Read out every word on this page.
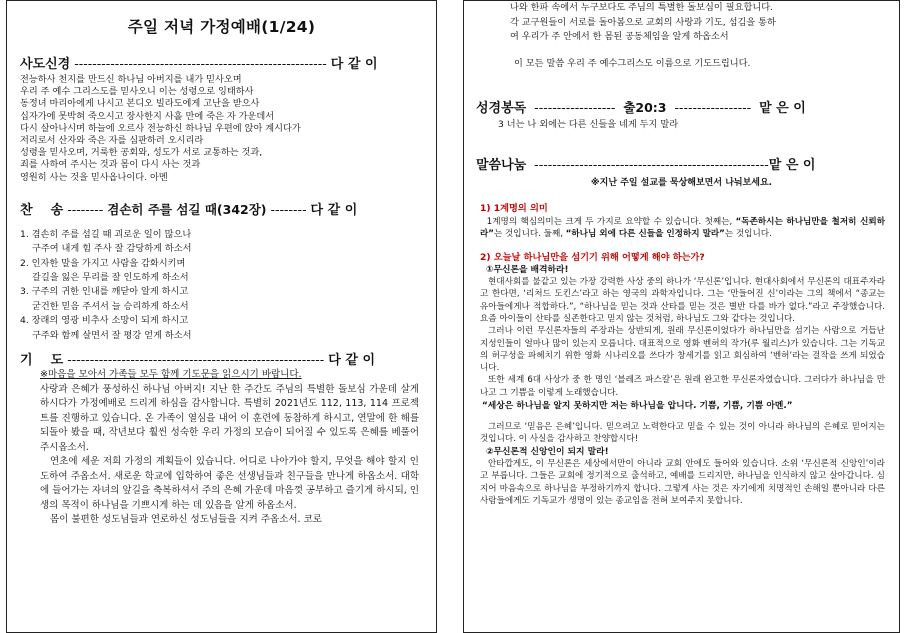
주일 저녁 가정예배(1/24)
사도신경 -------------------------------------------------------- 다 같 이
전능하사 천지를 만드신 하나님 아버지를 내가 믿사오며
우리 주 예수 그리스도를 믿사오니 이는 성령으로 잉태하사
동정녀 마리아에게 나시고 본디오 빌라도에게 고난을 받으사
십자가에 못박혀 죽으시고 장사한지 사흘 만에 죽은 자 가운데서
다시 살아나시며 하늘에 오르사 전능하신 하나님 우편에 앉아 계시다가
저리로서 산자와 죽은 자를 심판하러 오시리라
성령을 믿사오며, 거룩한 공회와, 성도가 서로 교통하는 것과,
죄를 사하여 주시는 것과 몸이 다시 사는 것과
영원히 사는 것을 믿사옵나이다. 아멘
찬    송 -------- 겸손히 주를 섬길 때(342장) -------- 다 같 이
1. 겸손히 주를 섬길 때 괴로운 일이 많으나
구주여 내게 힘 주사 잘 감당하게 하소서
2. 인자한 말을 가지고 사람을 감화시키며
갈길을 잃은 무리를 잘 인도하게 하소서
3. 구주의 귀한 인내를 깨닫아 알게 하시고
굳건한 믿음 주셔서 늘 승리하게 하소서
4. 장래의 영광 비추사 소망이 되게 하시고
구주와 함께 살면서 잘 평강 얻게 하소서
기    도 --------------------------------------------------------- 다 같 이
※마음을 모아서 가족들 모두 함께 기도문을 읽으시기 바랍니다.
사랑과 은혜가 풍성하신 하나님 아버지! 지난 한 주간도 주님의 특별한 돌보심 가운데 살게 하시다가 가정예배로 드리게 하심을 감사합니다. 특별히 2021년도 112, 113, 114 프로젝트를 진행하고 있습니다. 온 가족이 열심을 내어 이 훈련에 동참하게 하시고, 연말에 한 해를 되돌아 봤을 때, 작년보다 훨씬 성숙한 우리 가정의 모습이 되어질 수 있도록 은혜를 베풀어 주시옵소서.
연초에 세운 저희 가정의 계획들이 있습니다. 어디로 나아가야 할지, 무엇을 해야 할지 인도하여 주옵소서. 새로운 학교에 입학하여 좋은 선생님들과 친구들을 만나게 하옵소서. 대학에 들어가는 자녀의 앞길을 축복하셔서 주의 은혜 가운데 마음껏 공부하고 즐기게 하시되, 인생의 목적이 하나님을 기쁘시게 하는 데 있음을 알게 하옵소서.
몸이 불편한 성도님들과 연로하신 성도님들을 지켜 주옵소서. 코로
나와 한파 속에서 누구보다도 주님의 특별한 돌보심이 필요합니다.
각 교구원들이 서로를 돌아봄으로 교회의 사랑과 기도, 섬김을 통하
여 우리가 주 안에서 한 몸된 공동체임을 알게 하옵소서
이 모든 말씀 우리 주 예수그리스도 이름으로 기도드립니다.
성경봉독  ------------------  출20:3  -----------------  맡 은 이
3 너는 나 외에는 다른 신들을 네게 두지 말라
말씀나눔  ----------------------------------------------------맡 은 이
※지난 주일 설교를 묵상해보면서 나눠보세요.
1) 1계명의 의미
1계명의 핵심의미는 크게 두 가지로 요약할 수 있습니다. 첫째는, “독존하시는 하나님만을 철저히 신뢰하라”는 것입니다. 둘째, “하나님 외에 다른 신들을 인정하지 말라”는 것입니다.
2) 오늘날 하나님만을 섬기기 위해 어떻게 해야 하는가?
①무신론을 배격하라!
현대사회를 불같고 있는 가장 강력한 사상 중의 하나가 ‘무신론’입니다. 현대사회에서 무신론의 대표주자라고 한다면, ‘리처드 도킨스’라고 하는 영국의 과학자입니다. 그는 ‘만들어진 신’이라는 그의 책에서 “종교는 유아들에게나 적합하다.”, “하나님을 믿는 것과 산타를 믿는 것은 별반 다를 바가 없다.”라고 주장했습니다. 요즘 아이들이 산타를 실존한다고 믿지 않는 것처럼, 하나님도 그와 같다는 것입니다.
그러나 이런 무신론자들의 주장과는 상반되게, 원래 무신론이었다가 하나님만을 섬기는 사람으로 거듭난 지성인들이 얼마나 많이 있는지 모릅니다. 대표적으로 영화 벤허의 작가(루 월리스)가 있습니다. 그는 기독교의 허구성을 파헤치기 위한 영화 시나리오를 쓰다가 창세기를 읽고 회심하여 ‘벤허’라는 걸작을 쓰게 되었습니다.
또한 세계 6대 사상가 중 한 명인 ‘블레즈 파스칼’은 원래 완고한 무신론자였습니다. 그러다가 하나님을 만나고 그 기쁨을 이렇게 노래했습니다.
“세상은 하나님을 알지 못하지만 저는 하나님을 압니다. 기쁨, 기쁨, 기쁨 아멘.”
그러므로 ‘믿음은 은혜’입니다. 믿으려고 노력한다고 믿을 수 있는 것이 아니라 하나님의 은혜로 믿어지는 것입니다. 이 사실을 감사하고 찬양합시다!
②무신론적 신앙인이 되지 말라!
안타깝게도, 이 무신론은 세상에서만이 아니라 교회 안에도 들어와 있습니다. 소위 ‘무신론적 신앙인’이라고 부릅니다. 그들은 교회에 정기적으로 출석하고, 예배를 드리지만, 하나님을 인식하지 않고 살아갑니다. 심지어 마음속으로 하나님을 부정하기까지 합니다. 그렇게 사는 것은 자기에게 치명적인 손해일 뿐아니라 다른 사람들에게도 기독교가 생명이 있는 종교임을 전혀 보여주지 못합니다.
